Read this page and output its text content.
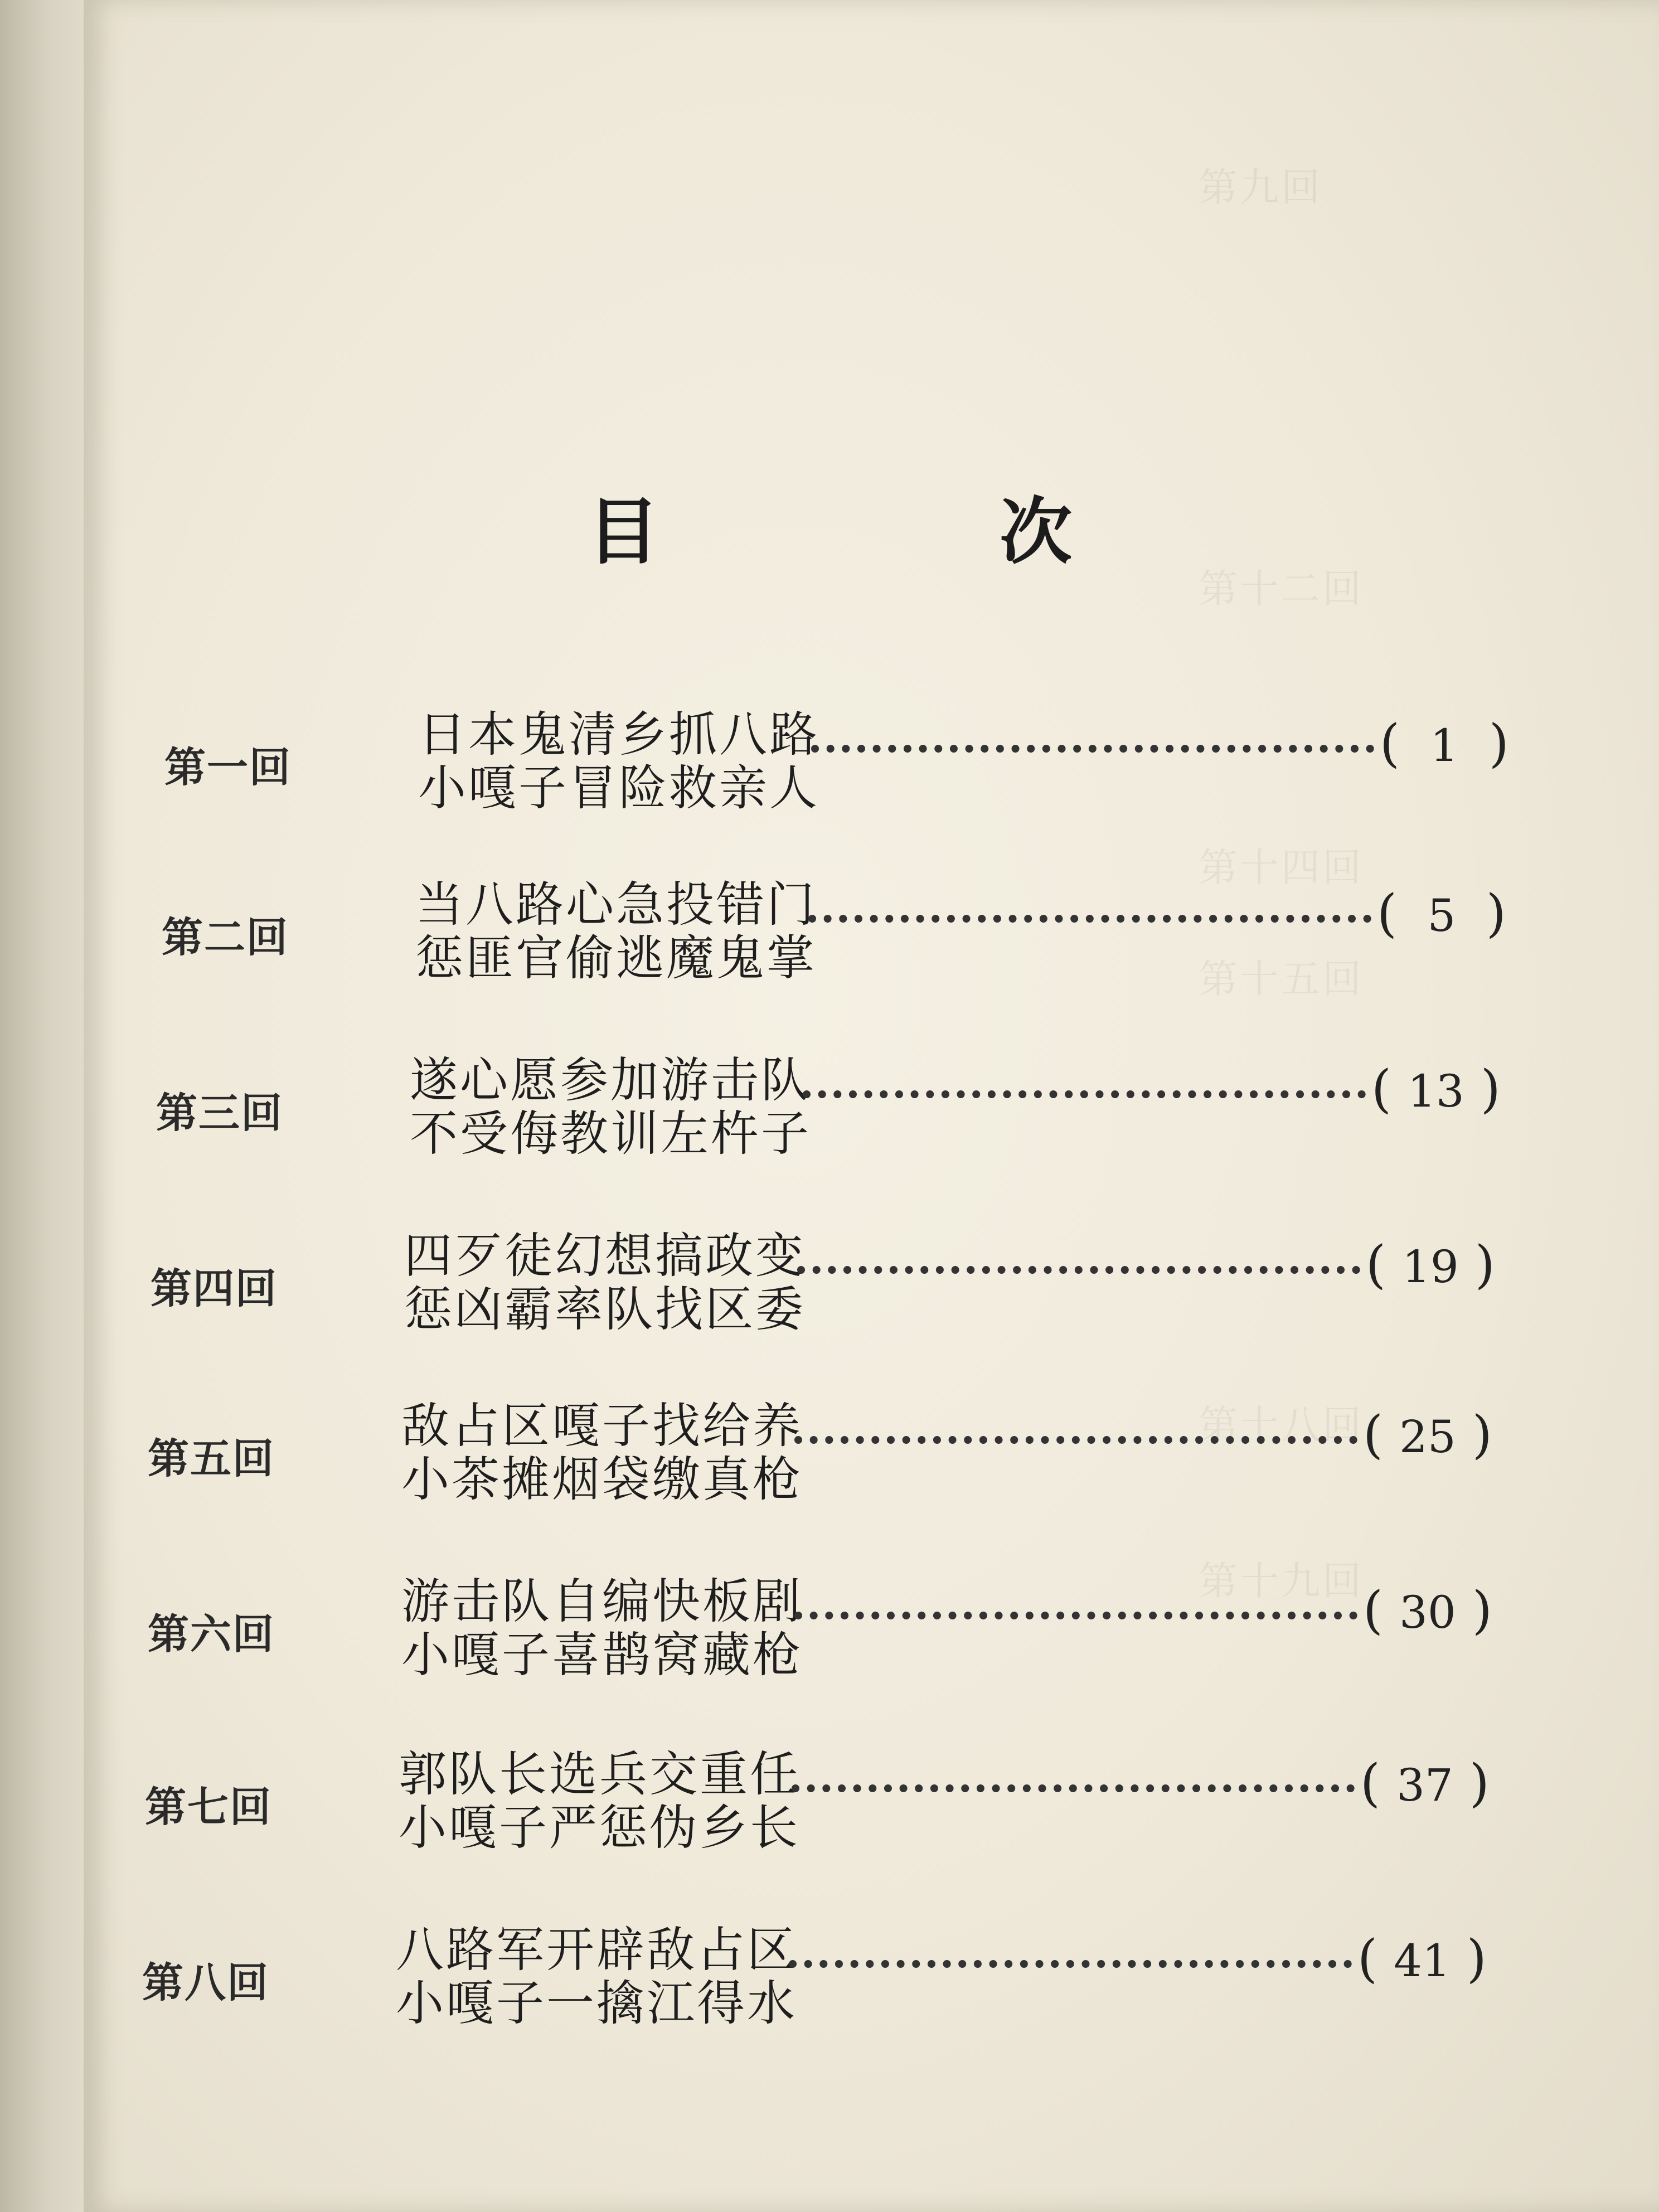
第九回
第十二回
第十四回
第十五回
第十八回
第十九回
目　次
第一回
日本鬼清乡抓八路
小嘎子冒险救亲人
( 1 )
第二回
当八路心急投错门
惩匪官偷逃魔鬼掌
( 5 )
第三回
遂心愿参加游击队
不受侮教训左杵子
( 13 )
第四回
四歹徒幻想搞政变
惩凶霸率队找区委
( 19 )
第五回
敌占区嘎子找给养
小茶摊烟袋缴真枪
( 25 )
第六回
游击队自编快板剧
小嘎子喜鹊窝藏枪
( 30 )
第七回
郭队长选兵交重任
小嘎子严惩伪乡长
( 37 )
第八回
八路军开辟敌占区
小嘎子一擒江得水
( 41 )
